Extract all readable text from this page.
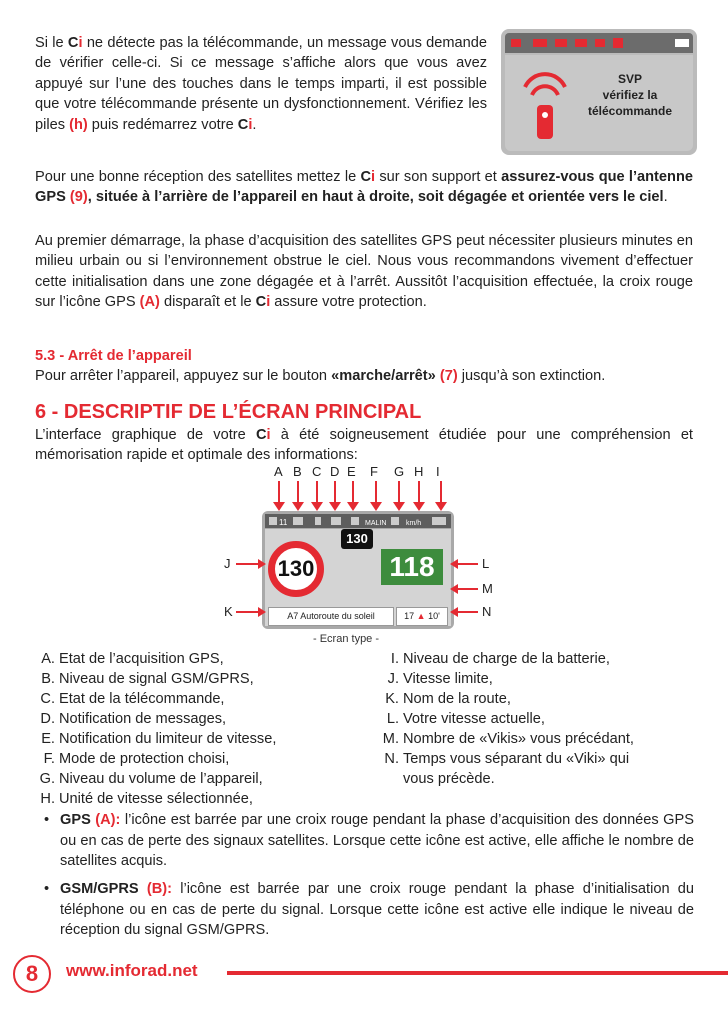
Si le Ci ne détecte pas la télécommande, un message vous demande de vérifier celle-ci. Si ce message s’affiche alors que vous avez appuyé sur l’une des touches dans le temps imparti, il est possible que votre télécommande présente un dysfonctionnement. Vérifiez les piles (h) puis redémarrez votre Ci.
SVP
vérifiez la
télécommande
Pour une bonne réception des satellites mettez le Ci sur son support et assurez-vous que l’antenne GPS (9), située à l’arrière de l’appareil en haut à droite, soit dégagée et orientée vers le ciel.
Au premier démarrage, la phase d’acquisition des satellites GPS peut nécessiter plusieurs minutes en milieu urbain ou si l’environnement obstrue le ciel. Nous vous recommandons vivement d’effectuer cette initialisation dans une zone dégagée et à l’arrêt. Aussitôt l’acquisition effectuée, la croix rouge sur l’icône GPS (A) disparaît et le Ci assure votre protection.
5.3 - Arrêt de l’appareil
Pour arrêter l’appareil, appuyez sur le bouton «marche/arrêt» (7) jusqu’à son extinction.
6 - DESCRIPTIF DE L’ÉCRAN PRINCIPAL
L’interface graphique de votre Ci à été soigneusement étudiée pour une compréhension et mémorisation rapide et optimale des informations:
A B C D E F G H I
11	MALIN	km/h
130
130
118
A7 Autoroute du soleil	17 ▲ 10'
J
K
L
M
N
- Ecran type -
A. Etat de l’acquisition GPS,
B. Niveau de signal GSM/GPRS,
C. Etat de la télécommande,
D. Notification de messages,
E. Notification du limiteur de vitesse,
F. Mode de protection choisi,
G. Niveau du volume de l’appareil,
H. Unité de vitesse sélectionnée,
I. Niveau de charge de la batterie,
J. Vitesse limite,
K. Nom de la route,
L. Votre vitesse actuelle,
M. Nombre de «Vikis» vous précédant,
N. Temps vous séparant du «Viki» qui
vous précède.
• GPS (A): l’icône est barrée par une croix rouge pendant la phase d’acquisition des données GPS ou en cas de perte des signaux satellites. Lorsque cette icône est active, elle affiche le nombre de satellites acquis.
• GSM/GPRS (B): l’icône est barrée par une croix rouge pendant la phase d’initialisation du téléphone ou en cas de perte du signal. Lorsque cette icône est active elle indique le niveau de réception du signal GSM/GPRS.
8	www.inforad.net
